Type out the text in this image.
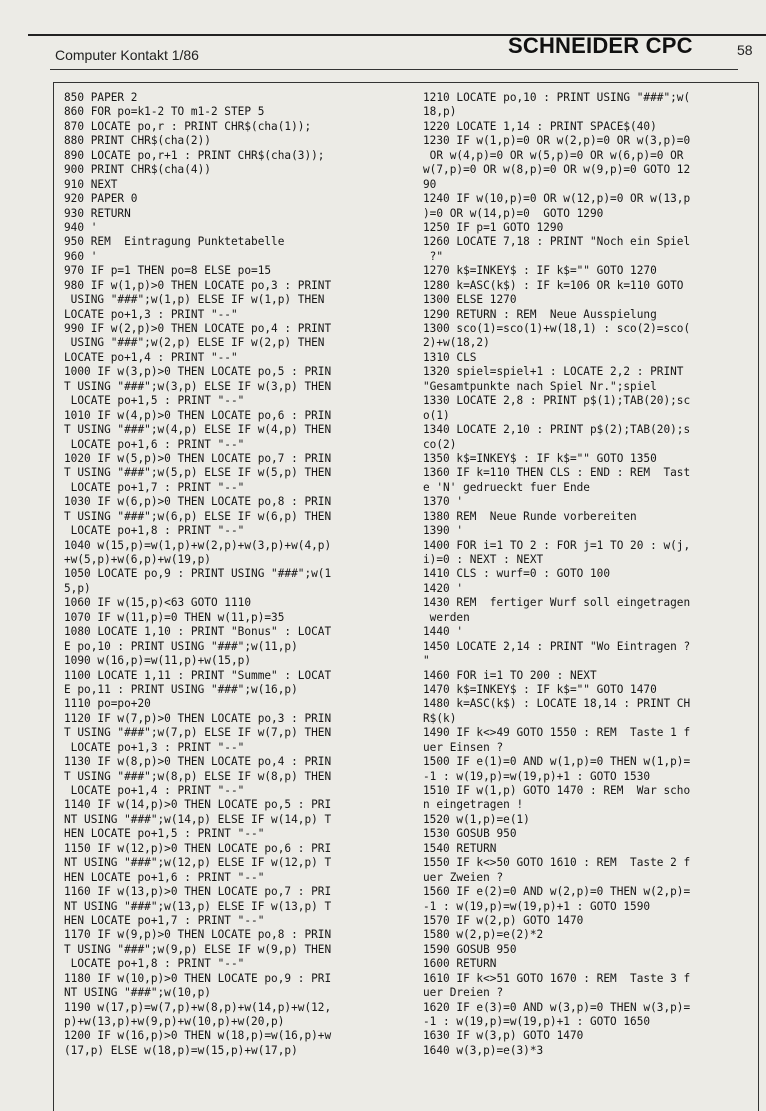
Computer Kontakt 1/86	SCHNEIDER CPC	58
850 PAPER 2
860 FOR po=k1-2 TO m1-2 STEP 5
870 LOCATE po,r : PRINT CHR$(cha(1));
880 PRINT CHR$(cha(2))
890 LOCATE po,r+1 : PRINT CHR$(cha(3));
900 PRINT CHR$(cha(4))
910 NEXT
920 PAPER 0
930 RETURN
940 '
950 REM  Eintragung Punktetabelle
960 '
970 IF p=1 THEN po=8 ELSE po=15
980 IF w(1,p)>0 THEN LOCATE po,3 : PRINT
USING "###";w(1,p) ELSE IF w(1,p) THEN
LOCATE po+1,3 : PRINT "--"
990 IF w(2,p)>0 THEN LOCATE po,4 : PRINT
USING "###";w(2,p) ELSE IF w(2,p) THEN
LOCATE po+1,4 : PRINT "--"
1000 IF w(3,p)>0 THEN LOCATE po,5 : PRIN
T USING "###";w(3,p) ELSE IF w(3,p) THEN
LOCATE po+1,5 : PRINT "--"
1010 IF w(4,p)>0 THEN LOCATE po,6 : PRIN
T USING "###";w(4,p) ELSE IF w(4,p) THEN
LOCATE po+1,6 : PRINT "--"
1020 IF w(5,p)>0 THEN LOCATE po,7 : PRIN
T USING "###";w(5,p) ELSE IF w(5,p) THEN
LOCATE po+1,7 : PRINT "--"
1030 IF w(6,p)>0 THEN LOCATE po,8 : PRIN
T USING "###";w(6,p) ELSE IF w(6,p) THEN
LOCATE po+1,8 : PRINT "--"
1040 w(15,p)=w(1,p)+w(2,p)+w(3,p)+w(4,p)
+w(5,p)+w(6,p)+w(19,p)
1050 LOCATE po,9 : PRINT USING "###";w(1
5,p)
1060 IF w(15,p)<63 GOTO 1110
1070 IF w(11,p)=0 THEN w(11,p)=35
1080 LOCATE 1,10 : PRINT "Bonus" : LOCAT
E po,10 : PRINT USING "###";w(11,p)
1090 w(16,p)=w(11,p)+w(15,p)
1100 LOCATE 1,11 : PRINT "Summe" : LOCAT
E po,11 : PRINT USING "###";w(16,p)
1110 po=po+20
1120 IF w(7,p)>0 THEN LOCATE po,3 : PRIN
T USING "###";w(7,p) ELSE IF w(7,p) THEN
LOCATE po+1,3 : PRINT "--"
1130 IF w(8,p)>0 THEN LOCATE po,4 : PRIN
T USING "###";w(8,p) ELSE IF w(8,p) THEN
LOCATE po+1,4 : PRINT "--"
1140 IF w(14,p)>0 THEN LOCATE po,5 : PRI
NT USING "###";w(14,p) ELSE IF w(14,p) T
HEN LOCATE po+1,5 : PRINT "--"
1150 IF w(12,p)>0 THEN LOCATE po,6 : PRI
NT USING "###";w(12,p) ELSE IF w(12,p) T
HEN LOCATE po+1,6 : PRINT "--"
1160 IF w(13,p)>0 THEN LOCATE po,7 : PRI
NT USING "###";w(13,p) ELSE IF w(13,p) T
HEN LOCATE po+1,7 : PRINT "--"
1170 IF w(9,p)>0 THEN LOCATE po,8 : PRIN
T USING "###";w(9,p) ELSE IF w(9,p) THEN
LOCATE po+1,8 : PRINT "--"
1180 IF w(10,p)>0 THEN LOCATE po,9 : PRI
NT USING "###";w(10,p)
1190 w(17,p)=w(7,p)+w(8,p)+w(14,p)+w(12,
p)+w(13,p)+w(9,p)+w(10,p)+w(20,p)
1200 IF w(16,p)>0 THEN w(18,p)=w(16,p)+w
(17,p) ELSE w(18,p)=w(15,p)+w(17,p)
1210 LOCATE po,10 : PRINT USING "###";w(
18,p)
1220 LOCATE 1,14 : PRINT SPACE$(40)
1230 IF w(1,p)=0 OR w(2,p)=0 OR w(3,p)=0
OR w(4,p)=0 OR w(5,p)=0 OR w(6,p)=0 OR
w(7,p)=0 OR w(8,p)=0 OR w(9,p)=0 GOTO 12
90
1240 IF w(10,p)=0 OR w(12,p)=0 OR w(13,p
)=0 OR w(14,p)=0  GOTO 1290
1250 IF p=1 GOTO 1290
1260 LOCATE 7,18 : PRINT "Noch ein Spiel
?"
1270 k$=INKEY$ : IF k$="" GOTO 1270
1280 k=ASC(k$) : IF k=106 OR k=110 GOTO
1300 ELSE 1270
1290 RETURN : REM  Neue Ausspielung
1300 sco(1)=sco(1)+w(18,1) : sco(2)=sco(
2)+w(18,2)
1310 CLS
1320 spiel=spiel+1 : LOCATE 2,2 : PRINT
"Gesamtpunkte nach Spiel Nr.";spiel
1330 LOCATE 2,8 : PRINT p$(1);TAB(20);sc
o(1)
1340 LOCATE 2,10 : PRINT p$(2);TAB(20);s
co(2)
1350 k$=INKEY$ : IF k$="" GOTO 1350
1360 IF k=110 THEN CLS : END : REM  Tast
e 'N' gedrueckt fuer Ende
1370 '
1380 REM  Neue Runde vorbereiten
1390 '
1400 FOR i=1 TO 2 : FOR j=1 TO 20 : w(j,
i)=0 : NEXT : NEXT
1410 CLS : wurf=0 : GOTO 100
1420 '
1430 REM  fertiger Wurf soll eingetragen
werden
1440 '
1450 LOCATE 2,14 : PRINT "Wo Eintragen ?
"
1460 FOR i=1 TO 200 : NEXT
1470 k$=INKEY$ : IF k$="" GOTO 1470
1480 k=ASC(k$) : LOCATE 18,14 : PRINT CH
R$(k)
1490 IF k<>49 GOTO 1550 : REM  Taste 1 f
uer Einsen ?
1500 IF e(1)=0 AND w(1,p)=0 THEN w(1,p)=
-1 : w(19,p)=w(19,p)+1 : GOTO 1530
1510 IF w(1,p) GOTO 1470 : REM  War scho
n eingetragen !
1520 w(1,p)=e(1)
1530 GOSUB 950
1540 RETURN
1550 IF k<>50 GOTO 1610 : REM  Taste 2 f
uer Zweien ?
1560 IF e(2)=0 AND w(2,p)=0 THEN w(2,p)=
-1 : w(19,p)=w(19,p)+1 : GOTO 1590
1570 IF w(2,p) GOTO 1470
1580 w(2,p)=e(2)*2
1590 GOSUB 950
1600 RETURN
1610 IF k<>51 GOTO 1670 : REM  Taste 3 f
uer Dreien ?
1620 IF e(3)=0 AND w(3,p)=0 THEN w(3,p)=
-1 : w(19,p)=w(19,p)+1 : GOTO 1650
1630 IF w(3,p) GOTO 1470
1640 w(3,p)=e(3)*3
